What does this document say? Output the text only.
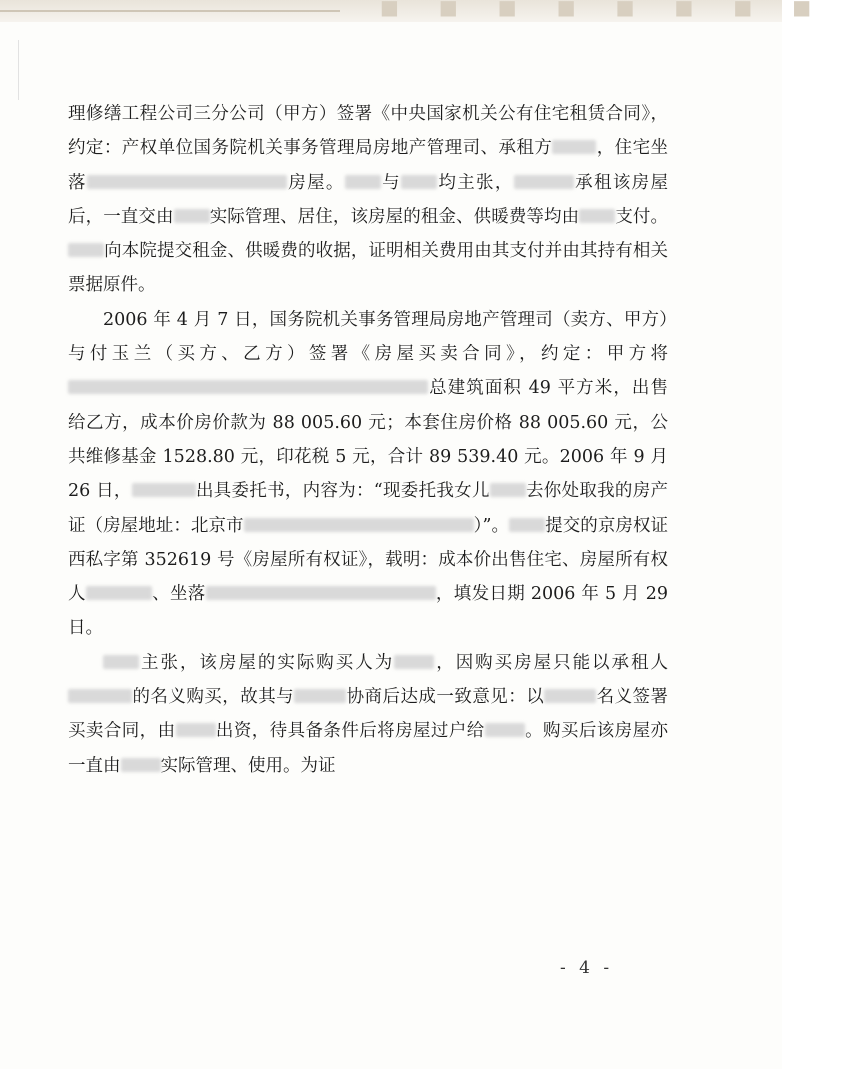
■■■■■■■■

理修缮工程公司三分公司（甲方）签署《中央国家机关公有住宅租赁合同》，约定：产权单位国务院机关事务管理局房地产管理司、承租方	，住宅坐落	房屋。 与 均主张，	承租该房屋后，一直交由 实际管理、居住，该房屋的租金、供暖费等均由 支付。向本院提交租金、供暖费的收据，证明相关费用由其支付并由其持有相关票据原件。

2006 年 4 月 7 日，国务院机关事务管理局房地产管理司（卖方、甲方）与付玉兰（买方、乙方）签署《房屋买卖合同》，约定：甲方将总建筑面积 49 平方米，出售给乙方，成本价房价款为 88 005.60 元；本套住房价格 88 005.60 元，公共维修基金 1528.80 元，印花税 5 元，合计 89 539.40 元。2006 年 9 月 26 日，	出具委托书，内容为：“现委托我女儿 去你处取我的房产证（房屋地址：北京市	）”。 提交的京房权证西私字第 352619 号《房屋所有权证》，载明：成本价出售住宅、房屋所有权人	、坐落	，填发日期 2006 年 5 月 29 日。

主张，该房屋的实际购买人为 ，因购买房屋只能以承租人的名义购买，故其与	协商后达成一致意见：以	名义签署买卖合同，由 出资，待具备条件后将房屋过户给 。购买后该房屋亦一直由 实际管理、使用。为证

- 4 -
